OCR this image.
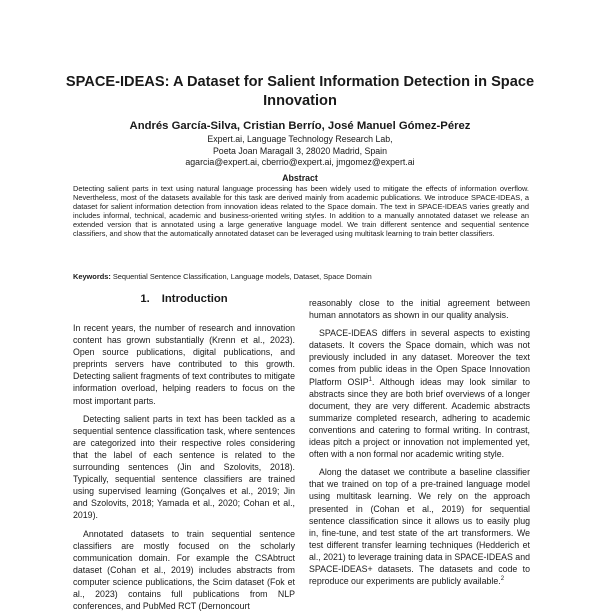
SPACE-IDEAS: A Dataset for Salient Information Detection in Space Innovation
Andrés García-Silva, Cristian Berrío, José Manuel Gómez-Pérez
Expert.ai, Language Technology Research Lab,
Poeta Joan Maragall 3, 28020 Madrid, Spain
agarcia@expert.ai, cberrio@expert.ai, jmgomez@expert.ai
Abstract
Detecting salient parts in text using natural language processing has been widely used to mitigate the effects of information overflow. Nevertheless, most of the datasets available for this task are derived mainly from academic publications. We introduce SPACE-IDEAS, a dataset for salient information detection from innovation ideas related to the Space domain. The text in SPACE-IDEAS varies greatly and includes informal, technical, academic and business-oriented writing styles. In addition to a manually annotated dataset we release an extended version that is annotated using a large generative language model. We train different sentence and sequential sentence classifiers, and show that the automatically annotated dataset can be leveraged using multitask learning to train better classifiers.
Keywords: Sequential Sentence Classification, Language models, Dataset, Space Domain
1. Introduction

In recent years, the number of research and innovation content has grown substantially (Krenn et al., 2023). Open source publications, digital publications, and preprints servers have contributed to this growth. Detecting salient fragments of text contributes to mitigate information overload, helping readers to focus on the most important parts.

Detecting salient parts in text has been tackled as a sequential sentence classification task, where sentences are categorized into their respective roles considering that the label of each sentence is related to the surrounding sentences (Jin and Szolovits, 2018). Typically, sequential sentence classifiers are trained using supervised learning (Gonçalves et al., 2019; Jin and Szolovits, 2018; Yamada et al., 2020; Cohan et al., 2019).

Annotated datasets to train sequential sentence classifiers are mostly focused on the scholarly communication domain. For example the CSAbtruct dataset (Cohan et al., 2019) includes abstracts from computer science publications, the Scim dataset (Fok et al., 2023) contains full publications from NLP conferences, and PubMed RCT (Dernoncourt

reasonably close to the initial agreement between human annotators as shown in our quality analysis.

SPACE-IDEAS differs in several aspects to existing datasets. It covers the Space domain, which was not previously included in any dataset. Moreover the text comes from public ideas in the Open Space Innovation Platform OSIP$^1$. Although ideas may look similar to abstracts since they are both brief overviews of a longer document, they are very different. Academic abstracts summarize completed research, adhering to academic conventions and catering to formal writing. In contrast, ideas pitch a project or innovation not implemented yet, often with a non formal nor academic writing style.

Along the dataset we contribute a baseline classifier that we trained on top of a pre-trained language model using multitask learning. We rely on the approach presented in (Cohan et al., 2019) for sequential sentence classification since it allows us to easily plug in, fine-tune, and test state of the art transformers. We test different transfer learning techniques (Hedderich et al., 2021) to leverage training data in SPACE-IDEAS and SPACE-IDEAS+ datasets. The datasets and code to reproduce our experiments are publicly available.$^2$
